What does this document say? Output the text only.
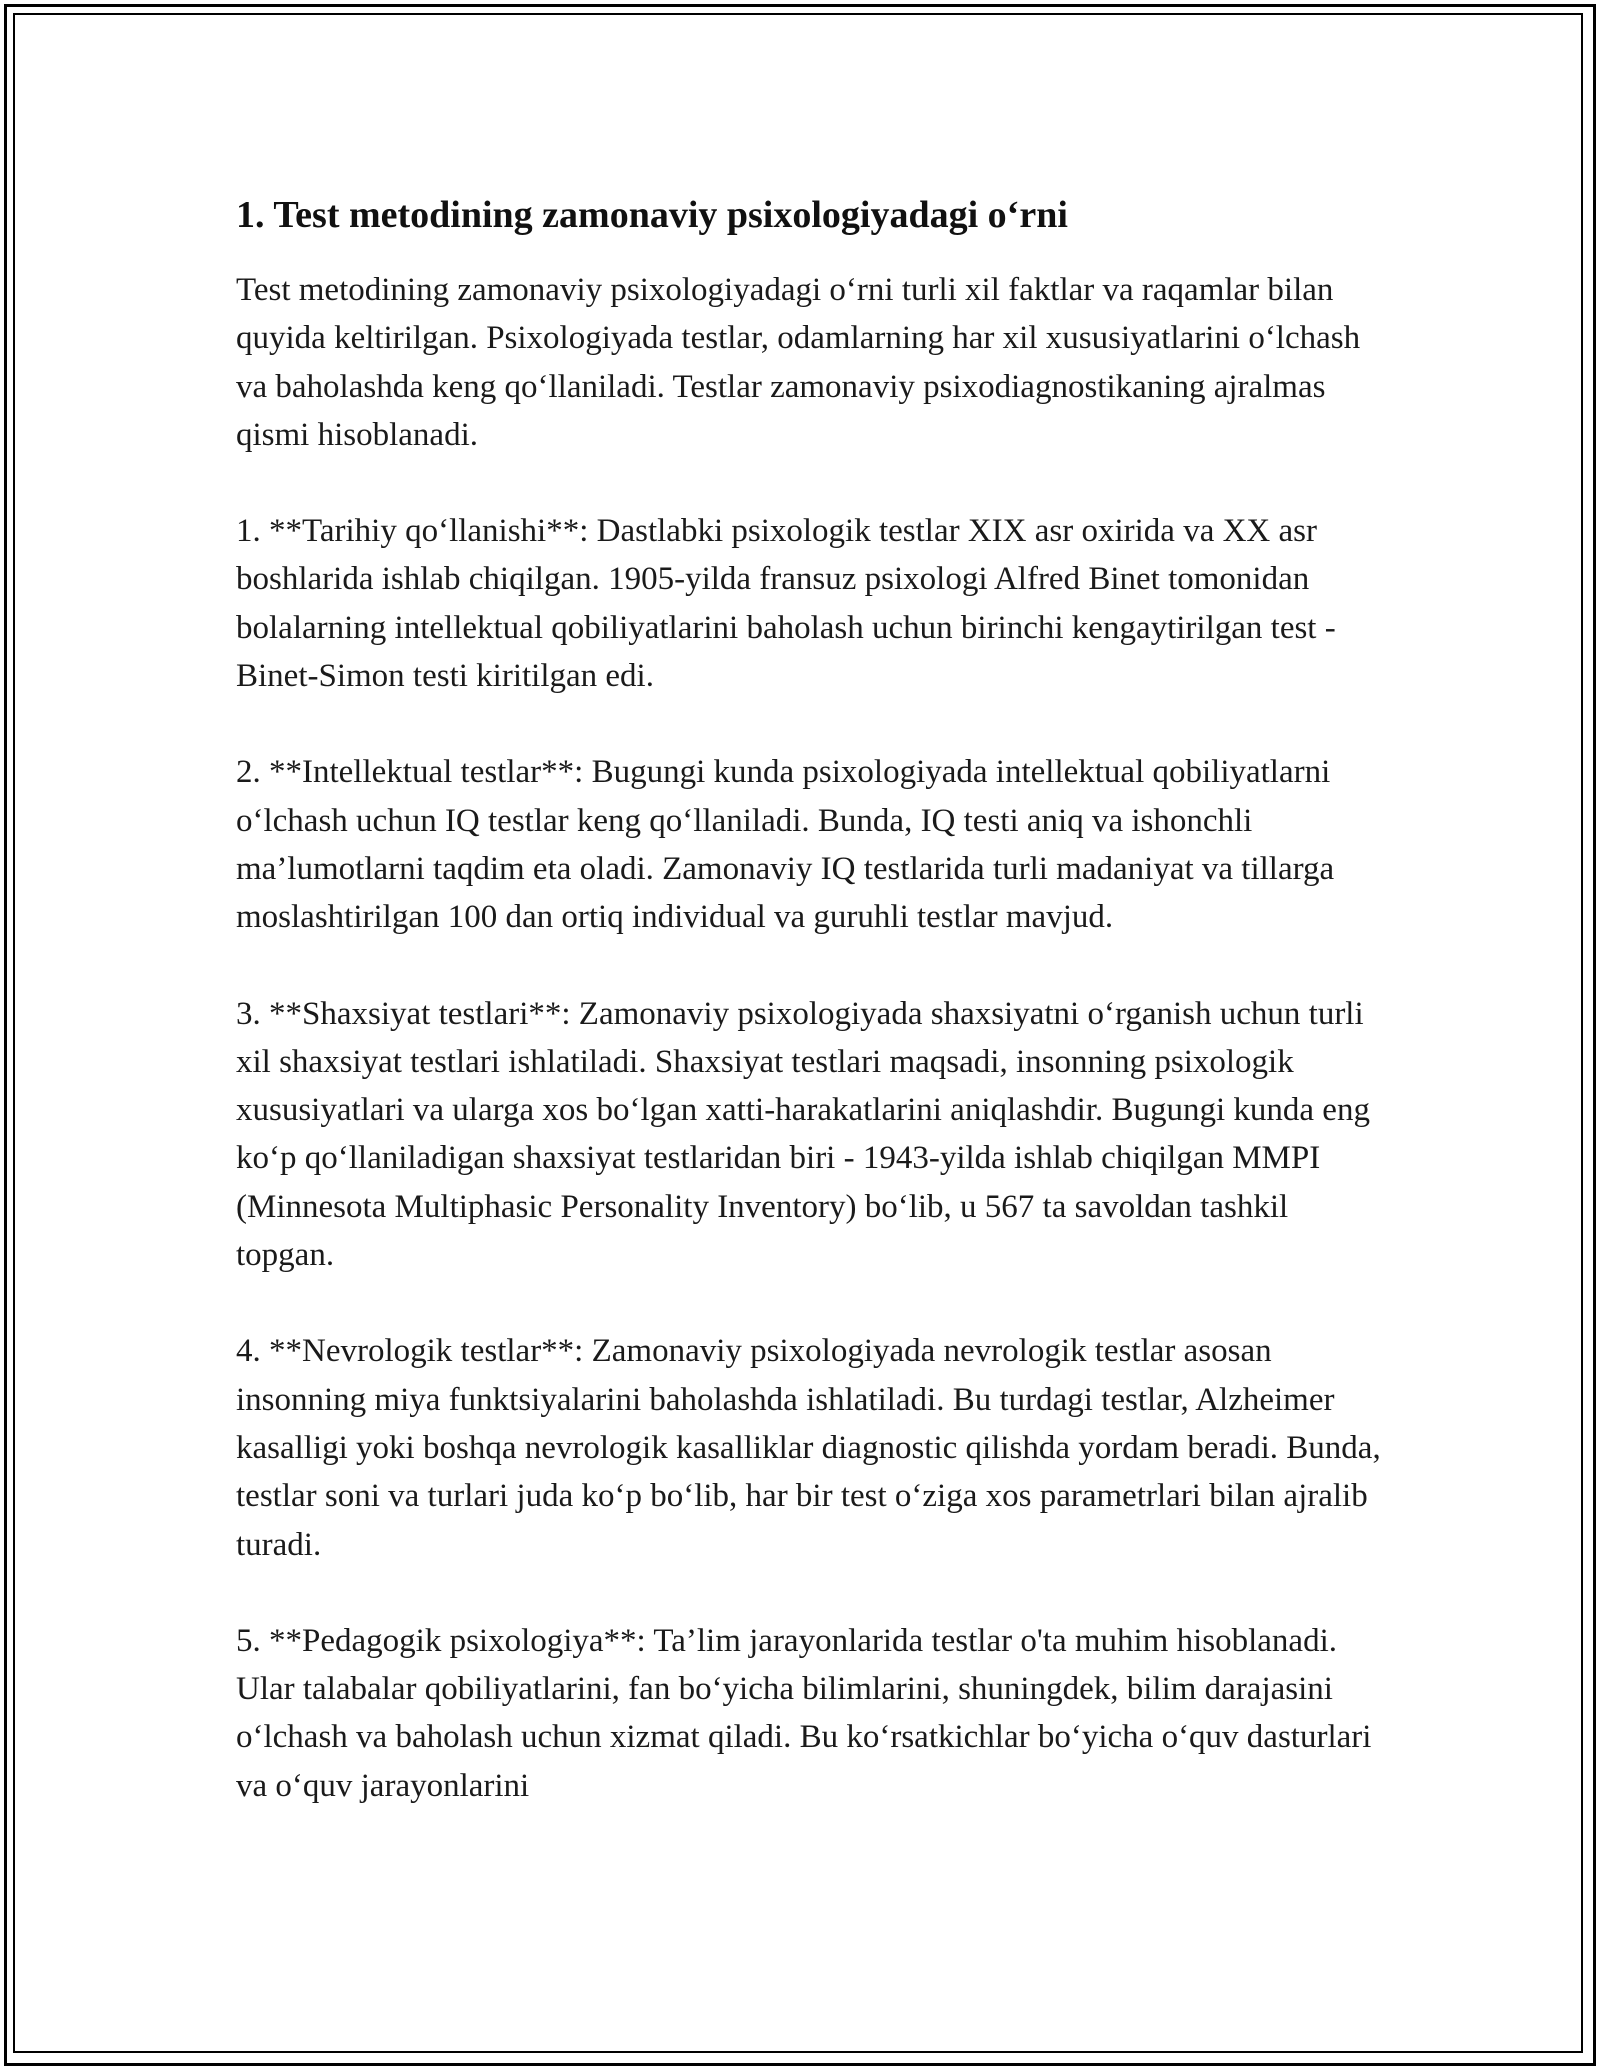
1. Test metodining zamonaviy psixologiyadagi o‘rni

Test metodining zamonaviy psixologiyadagi o‘rni turli xil faktlar va raqamlar bilan quyida keltirilgan. Psixologiyada testlar, odamlarning har xil xususiyatlarini o‘lchash va baholashda keng qo‘llaniladi. Testlar zamonaviy psixodiagnostikaning ajralmas qismi hisoblanadi.

1. **Tarihiy qo‘llanishi**: Dastlabki psixologik testlar XIX asr oxirida va XX asr boshlarida ishlab chiqilgan. 1905-yilda fransuz psixologi Alfred Binet tomonidan bolalarning intellektual qobiliyatlarini baholash uchun birinchi kengaytirilgan test - Binet-Simon testi kiritilgan edi.

2. **Intellektual testlar**: Bugungi kunda psixologiyada intellektual qobiliyatlarni o‘lchash uchun IQ testlar keng qo‘llaniladi. Bunda, IQ testi aniq va ishonchli ma’lumotlarni taqdim eta oladi. Zamonaviy IQ testlarida turli madaniyat va tillarga moslashtirilgan 100 dan ortiq individual va guruhli testlar mavjud.

3. **Shaxsiyat testlari**: Zamonaviy psixologiyada shaxsiyatni o‘rganish uchun turli xil shaxsiyat testlari ishlatiladi. Shaxsiyat testlari maqsadi, insonning psixologik xususiyatlari va ularga xos bo‘lgan xatti-harakatlarini aniqlashdir. Bugungi kunda eng ko‘p qo‘llaniladigan shaxsiyat testlaridan biri - 1943-yilda ishlab chiqilgan MMPI (Minnesota Multiphasic Personality Inventory) bo‘lib, u 567 ta savoldan tashkil topgan.

4. **Nevrologik testlar**: Zamonaviy psixologiyada nevrologik testlar asosan insonning miya funktsiyalarini baholashda ishlatiladi. Bu turdagi testlar, Alzheimer kasalligi yoki boshqa nevrologik kasalliklar diagnostic qilishda yordam beradi. Bunda, testlar soni va turlari juda ko‘p bo‘lib, har bir test o‘ziga xos parametrlari bilan ajralib turadi.

5. **Pedagogik psixologiya**: Ta’lim jarayonlarida testlar o'ta muhim hisoblanadi. Ular talabalar qobiliyatlarini, fan bo‘yicha bilimlarini, shuningdek, bilim darajasini o‘lchash va baholash uchun xizmat qiladi. Bu ko‘rsatkichlar bo‘yicha o‘quv dasturlari va o‘quv jarayonlarini
